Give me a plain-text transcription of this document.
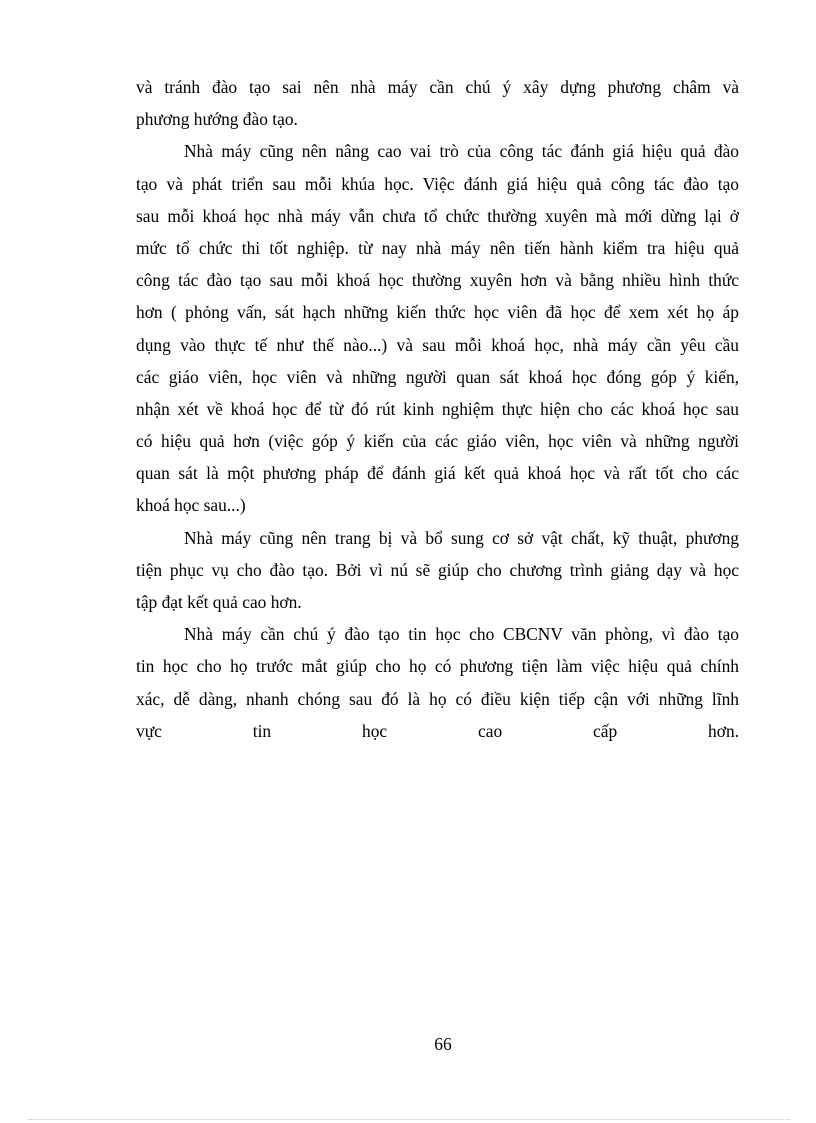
và tránh đào tạo sai nên nhà máy cần chú ý xây dựng phương châm và
phương hướng đào tạo.
Nhà máy cũng nên nâng cao vai trò của công tác đánh giá hiệu quả đào
tạo và phát triển sau mỗi khúa học. Việc đánh giá hiệu quả công tác đào tạo
sau mỗi khoá học nhà máy vẫn chưa tổ chức thường xuyên mà mới dừng lại ở
mức tổ chức thi tốt nghiệp. từ nay nhà máy nên tiến hành kiểm tra hiệu quả
công tác đào tạo sau mỗi khoá học thường xuyên hơn và bằng nhiều hình thức
hơn ( phỏng vấn, sát hạch những kiến thức học viên đã học để xem xét họ áp
dụng vào thực tế như thế nào...) và sau mỗi khoá học, nhà máy cần yêu cầu
các giáo viên, học viên và những người quan sát khoá học đóng góp ý kiến,
nhận xét về khoá học để từ đó rút kinh nghiệm thực hiện cho các khoá học sau
có hiệu quả hơn (việc góp ý kiến của các giáo viên, học viên và những người
quan sát là một phương pháp để đánh giá kết quả khoá học và rất tốt cho các
khoá học sau...)
Nhà máy cũng nên trang bị và bổ sung cơ sở vật chất, kỹ thuật, phương
tiện phục vụ cho đào tạo. Bởi vì nú sẽ giúp cho chương trình giảng dạy và học
tập đạt kết quả cao hơn.
Nhà máy cần chú ý đào tạo tin học cho CBCNV văn phòng, vì đào tạo
tin học cho họ trước mắt giúp cho họ có phương tiện làm việc hiệu quả chính
xác, dễ dàng, nhanh chóng sau đó là họ có điều kiện tiếp cận với những lĩnh
vực tin học cao cấp hơn.
66
